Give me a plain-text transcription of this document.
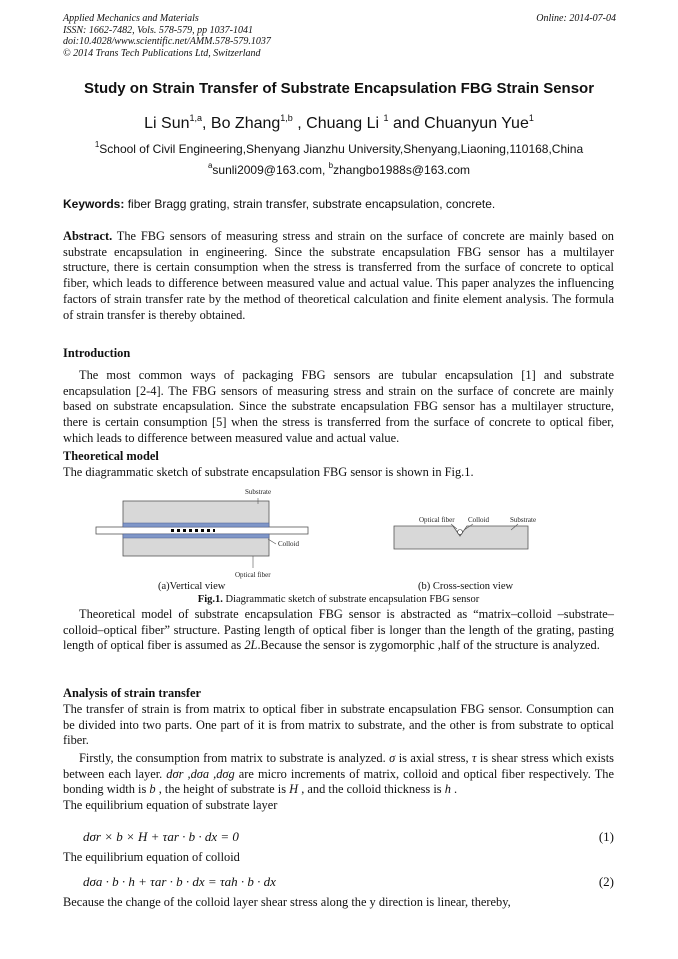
Applied Mechanics and Materials
ISSN: 1662-7482, Vols. 578-579, pp 1037-1041
doi:10.4028/www.scientific.net/AMM.578-579.1037
© 2014 Trans Tech Publications Ltd, Switzerland
Online: 2014-07-04
Study on Strain Transfer of Substrate Encapsulation FBG Strain Sensor
Li Sun$^{1,a}$, Bo Zhang$^{1,b}$ , Chuang Li $^1$ and Chuanyun Yue$^1$
$^1$School of Civil Engineering,Shenyang Jianzhu University,Shenyang,Liaoning,110168,China
$^a$sunli2009@163.com, $^b$zhangbo1988s@163.com
Keywords: fiber Bragg grating, strain transfer, substrate encapsulation, concrete.
Abstract. The FBG sensors of measuring stress and strain on the surface of concrete are mainly based on substrate encapsulation in engineering. Since the substrate encapsulation FBG sensor has a multilayer structure, there is certain consumption when the stress is transferred from the surface of concrete to optical fiber, which leads to difference between measured value and actual value. This paper analyzes the influencing factors of strain transfer rate by the method of theoretical calculation and finite element analysis. The formula of strain transfer is thereby obtained.
Introduction
The most common ways of packaging FBG sensors are tubular encapsulation [1] and substrate encapsulation [2-4]. The FBG sensors of measuring stress and strain on the surface of concrete are mainly based on substrate encapsulation. Since the substrate encapsulation FBG sensor has a multilayer structure, there is certain consumption [5] when the stress is transferred from the surface of concrete to optical fiber, which leads to difference between measured value and actual value.
Theoretical model
The diagrammatic sketch of substrate encapsulation FBG sensor is shown in Fig.1.
Substrate
Colloid
Optical fiber
Optical fiber Colloid	Substrate
(a)Vertical view	(b) Cross-section view
Fig.1. Diagrammatic sketch of substrate encapsulation FBG sensor
Theoretical model of substrate encapsulation FBG sensor is abstracted as “matrix–colloid –substrate–colloid–optical fiber” structure. Pasting length of optical fiber is longer than the length of the grating, pasting length of optical fiber is assumed as 2L.Because the sensor is zygomorphic ,half of the structure is analyzed.
Analysis of strain transfer
The transfer of strain is from matrix to optical fiber in substrate encapsulation FBG sensor. Consumption can be divided into two parts. One part of it is from matrix to substrate, and the other is from substrate to optical fiber.

Firstly, the consumption from matrix to substrate is analyzed. σ is axial stress, τ is shear stress which exists between each layer. dσr ,dσa ,dσg are micro increments of matrix, colloid and optical fiber respectively. The bonding width is b , the height of substrate is H , and the colloid thickness is h .

The equilibrium equation of substrate layer

dσr × b × H + τar · b · dx = 0	(1)
The equilibrium equation of colloid
dσa · b · h + τar · b · dx = τah · b · dx	(2)
Because the change of the colloid layer shear stress along the y direction is linear, thereby,
